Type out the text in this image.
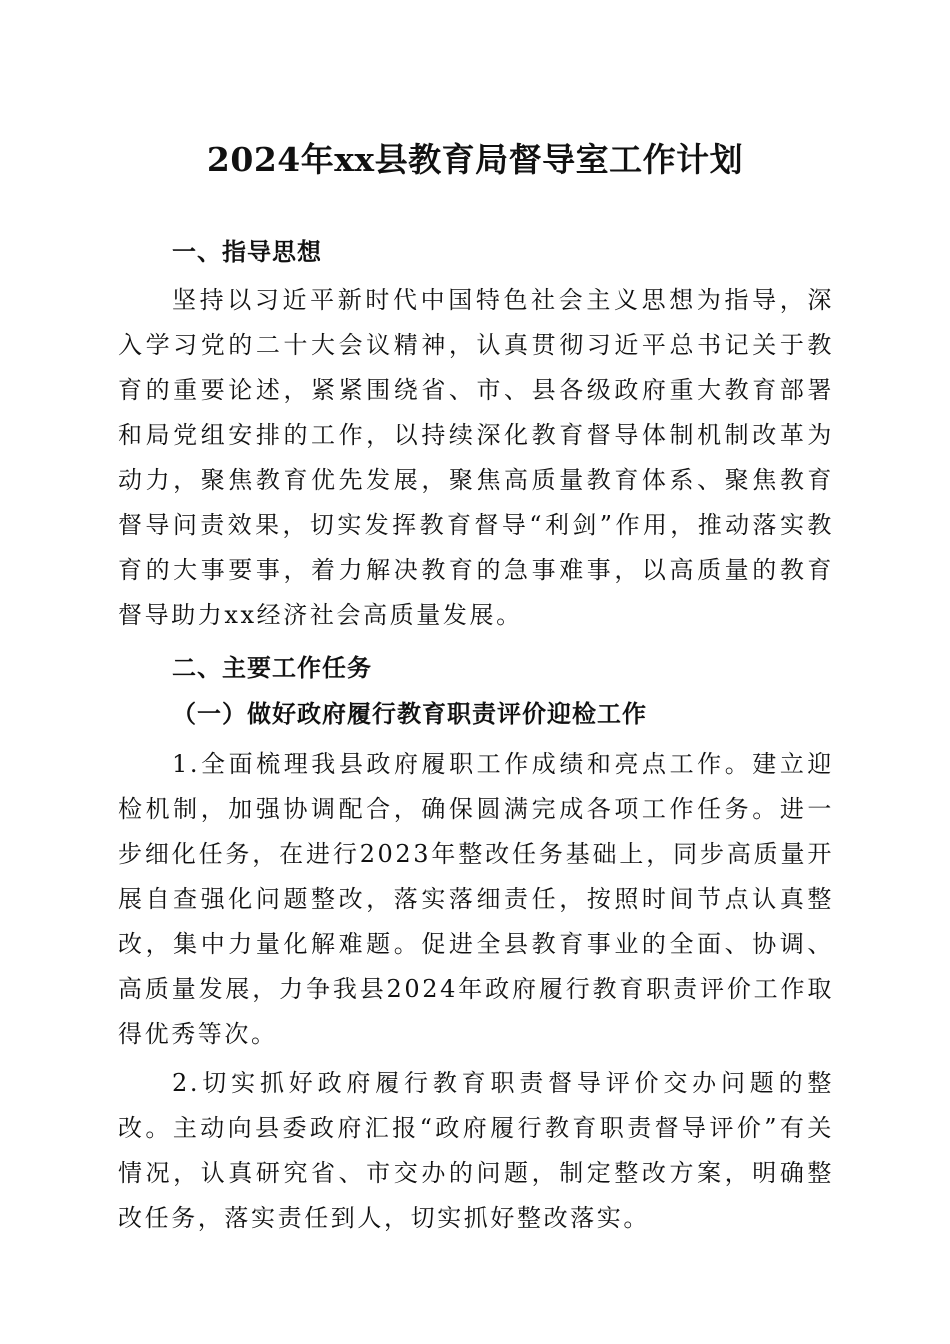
2024年xx县教育局督导室工作计划
一、指导思想

坚持以习近平新时代中国特色社会主义思想为指导，深入学习党的二十大会议精神，认真贯彻习近平总书记关于教育的重要论述，紧紧围绕省、市、县各级政府重大教育部署和局党组安排的工作，以持续深化教育督导体制机制改革为动力，聚焦教育优先发展，聚焦高质量教育体系、聚焦教育督导问责效果，切实发挥教育督导“利剑”作用，推动落实教育的大事要事，着力解决教育的急事难事，以高质量的教育督导助力xx经济社会高质量发展。

二、主要工作任务
（一）做好政府履行教育职责评价迎检工作

1.全面梳理我县政府履职工作成绩和亮点工作。建立迎检机制，加强协调配合，确保圆满完成各项工作任务。进一步细化任务，在进行2023年整改任务基础上，同步高质量开展自查强化问题整改，落实落细责任，按照时间节点认真整改，集中力量化解难题。促进全县教育事业的全面、协调、高质量发展，力争我县2024年政府履行教育职责评价工作取得优秀等次。

2.切实抓好政府履行教育职责督导评价交办问题的整改。主动向县委政府汇报“政府履行教育职责督导评价”有关情况，认真研究省、市交办的问题，制定整改方案，明确整改任务，落实责任到人，切实抓好整改落实。
